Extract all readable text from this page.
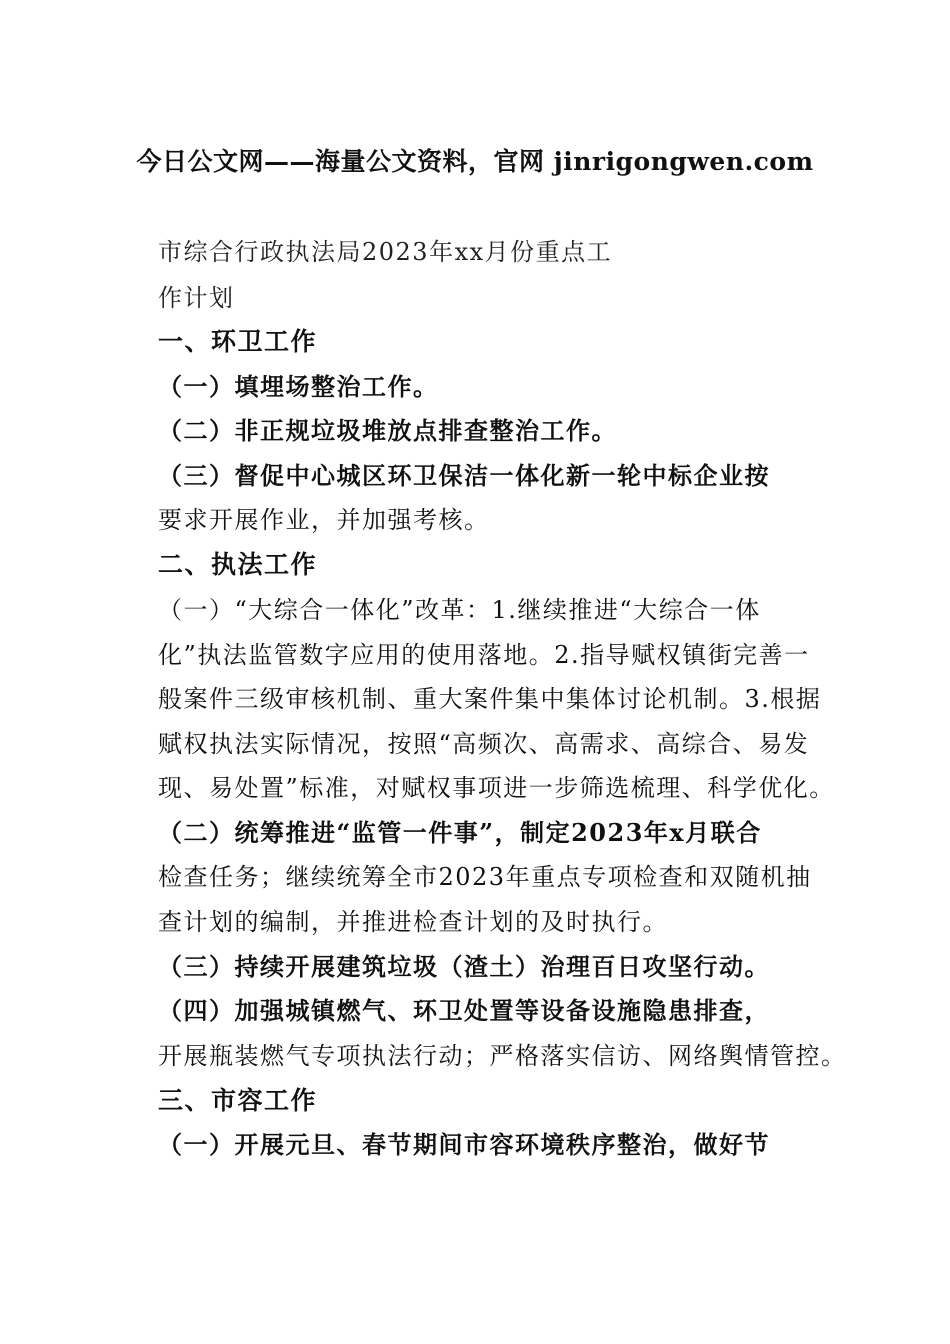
今日公文网——海量公文资料，官网 jinrigongwen.com
市综合行政执法局2023年xx月份重点工
作计划
一、环卫工作
（一）填埋场整治工作。
（二）非正规垃圾堆放点排查整治工作。
（三）督促中心城区环卫保洁一体化新一轮中标企业按
要求开展作业，并加强考核。
二、执法工作
（一）“大综合一体化”改革：1.继续推进“大综合一体
化”执法监管数字应用的使用落地。2.指导赋权镇街完善一
般案件三级审核机制、重大案件集中集体讨论机制。3.根据
赋权执法实际情况，按照“高频次、高需求、高综合、易发
现、易处置”标准，对赋权事项进一步筛选梳理、科学优化。
（二）统筹推进“监管一件事”，制定2023年x月联合
检查任务；继续统筹全市2023年重点专项检查和双随机抽
查计划的编制，并推进检查计划的及时执行。
（三）持续开展建筑垃圾（渣土）治理百日攻坚行动。
（四）加强城镇燃气、环卫处置等设备设施隐患排查，
开展瓶装燃气专项执法行动；严格落实信访、网络舆情管控。
三、市容工作
（一）开展元旦、春节期间市容环境秩序整治，做好节
